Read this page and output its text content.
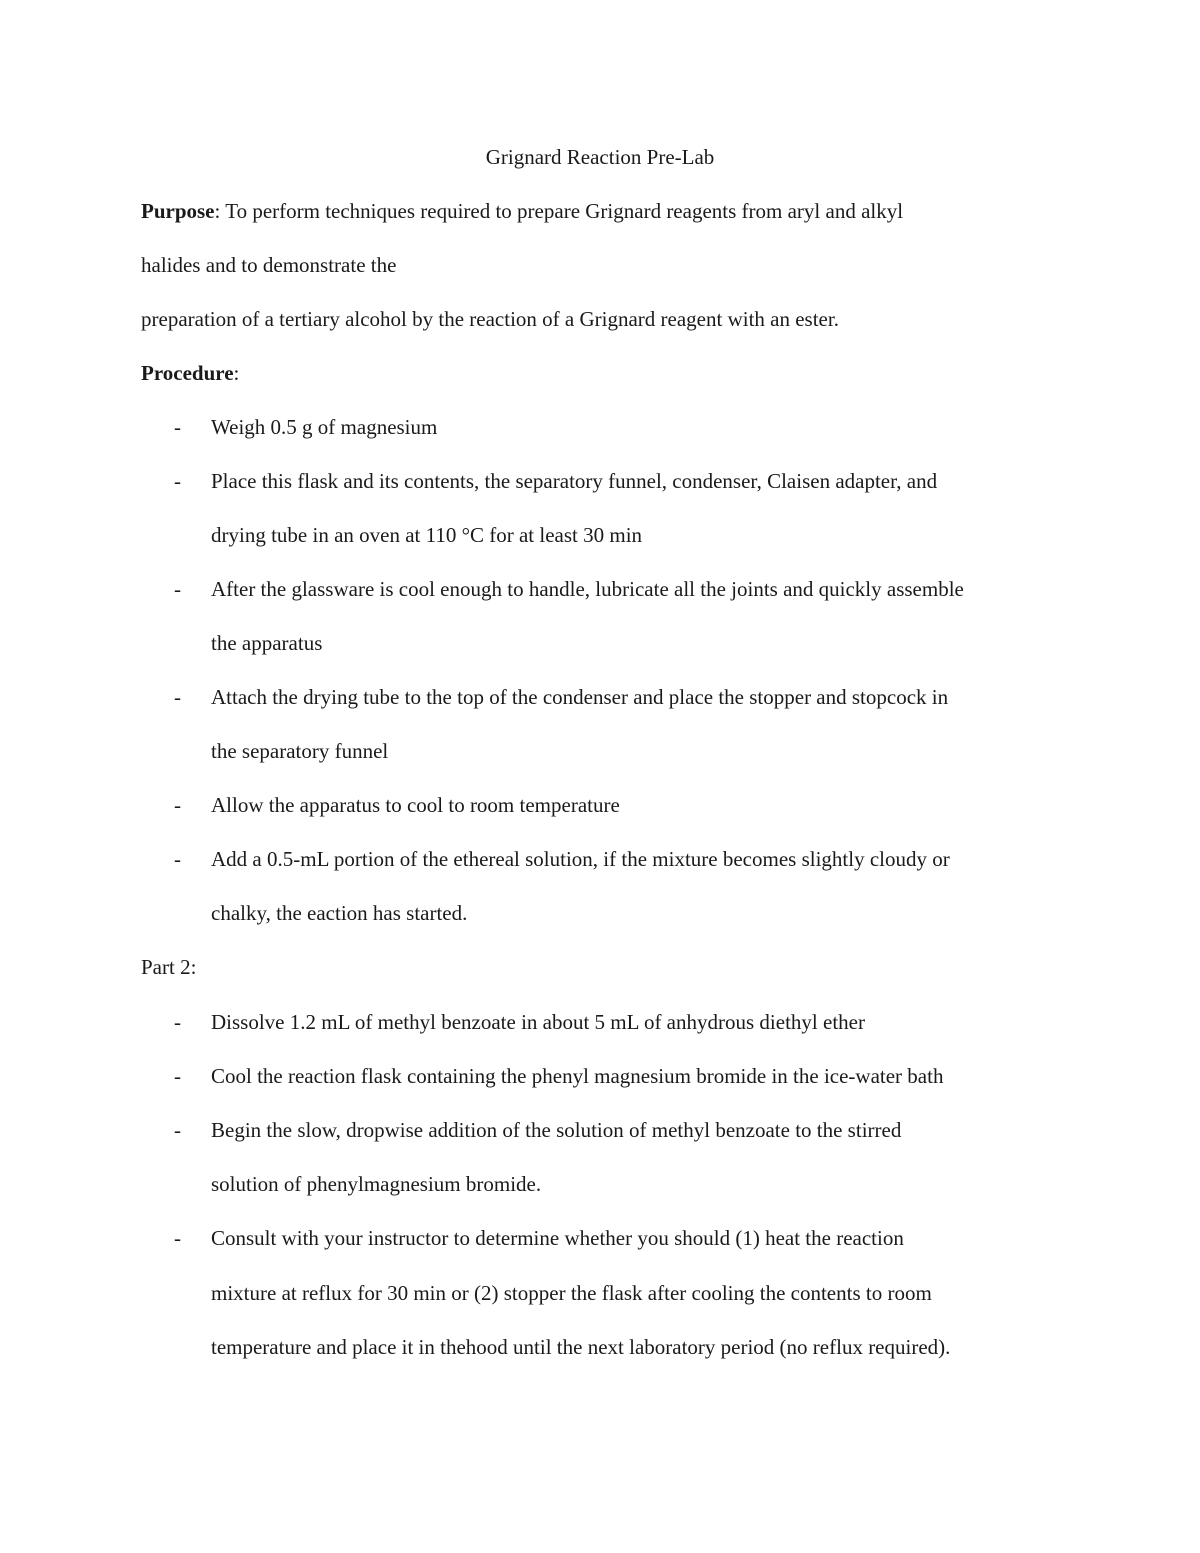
Grignard Reaction Pre-Lab
Purpose: To perform techniques required to prepare Grignard reagents from aryl and alkyl
halides and to demonstrate the
preparation of a tertiary alcohol by the reaction of a Grignard reagent with an ester.
Procedure:
- Weigh 0.5 g of magnesium
- Place this flask and its contents, the separatory funnel, condenser, Claisen adapter, and
drying tube in an oven at 110 °C for at least 30 min
- After the glassware is cool enough to handle, lubricate all the joints and quickly assemble
the apparatus
- Attach the drying tube to the top of the condenser and place the stopper and stopcock in
the separatory funnel
- Allow the apparatus to cool to room temperature
- Add a 0.5-mL portion of the ethereal solution, if the mixture becomes slightly cloudy or
chalky, the eaction has started.
Part 2:
- Dissolve 1.2 mL of methyl benzoate in about 5 mL of anhydrous diethyl ether
- Cool the reaction flask containing the phenyl magnesium bromide in the ice-water bath
- Begin the slow, dropwise addition of the solution of methyl benzoate to the stirred
solution of phenylmagnesium bromide.
- Consult with your instructor to determine whether you should (1) heat the reaction
mixture at reflux for 30 min or (2) stopper the flask after cooling the contents to room
temperature and place it in thehood until the next laboratory period (no reflux required).
